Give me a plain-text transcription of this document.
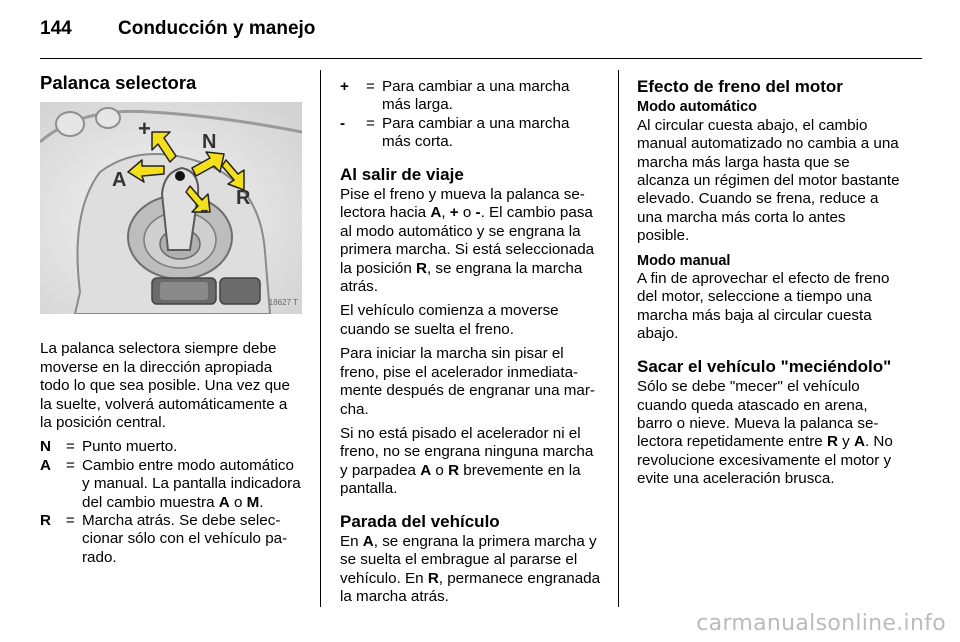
144 Conducción y manejo
Palanca selectora
+
-
N
A
R
18627 T

La palanca selectora siempre debe moverse en la dirección apropiada todo lo que sea posible. Una vez que la suelte, volverá automáticamente a la posición central.

N = Punto muerto.
A = Cambio entre modo automático y manual. La pantalla indicadora del cambio muestra A o M.
R = Marcha atrás. Se debe seleccionar sólo con el vehículo parado.
+	= Para cambiar a una marcha más larga.
-	= Para cambiar a una marcha más corta.
Al salir de viaje

Pise el freno y mueva la palanca selectora hacia A, + o -. El cambio pasa al modo automático y se engrana la primera marcha. Si está seleccionada la posición R, se engrana la marcha atrás.

El vehículo comienza a moverse cuando se suelta el freno.

Para iniciar la marcha sin pisar el freno, pise el acelerador inmediatamente después de engranar una marcha.

Si no está pisado el acelerador ni el freno, no se engrana ninguna marcha y parpadea A o R brevemente en la pantalla.

Parada del vehículo

En A, se engrana la primera marcha y se suelta el embrague al pararse el vehículo. En R, permanece engranada la marcha atrás.

Efecto de freno del motor
Modo automático

Al circular cuesta abajo, el cambio manual automatizado no cambia a una marcha más larga hasta que se alcanza un régimen del motor bastante elevado. Cuando se frena, reduce a una marcha más corta lo antes posible.

Modo manual

A fin de aprovechar el efecto de freno del motor, seleccione a tiempo una marcha más baja al circular cuesta abajo.

Sacar el vehículo "meciéndolo"

Sólo se debe "mecer" el vehículo cuando queda atascado en arena, barro o nieve. Mueva la palanca selectora repetidamente entre R y A. No revolucione excesivamente el motor y evite una aceleración brusca.

carmanualsonline.info
